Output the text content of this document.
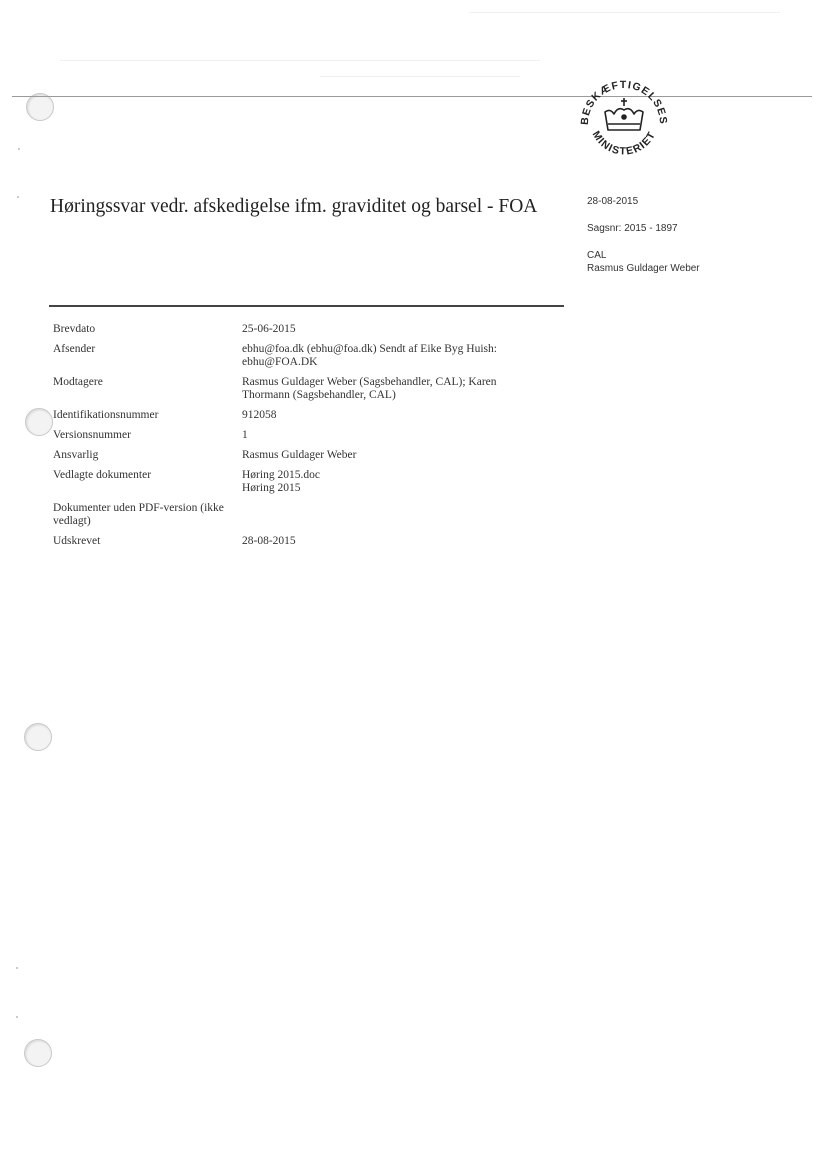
BESKÆFTIGELSES
MINISTERIET
Høringssvar vedr. afskedigelse ifm. graviditet og barsel - FOA	28-08-2015
Sagsnr: 2015 - 1897
CAL
Rasmus Guldager Weber
Brevdato	25-06-2015

Afsender	ebhu@foa.dk (ebhu@foa.dk) Sendt af Eike Byg Huish:
ebhu@FOA.DK

Modtagere	Rasmus Guldager Weber (Sagsbehandler, CAL); Karen
Thormann (Sagsbehandler, CAL)

Identifikationsnummer	912058

Versionsnummer	1

Ansvarlig	Rasmus Guldager Weber

Vedlagte dokumenter	Høring 2015.doc
Høring 2015

Dokumenter uden PDF-version (ikke vedlagt)	

Udskrevet	28-08-2015
